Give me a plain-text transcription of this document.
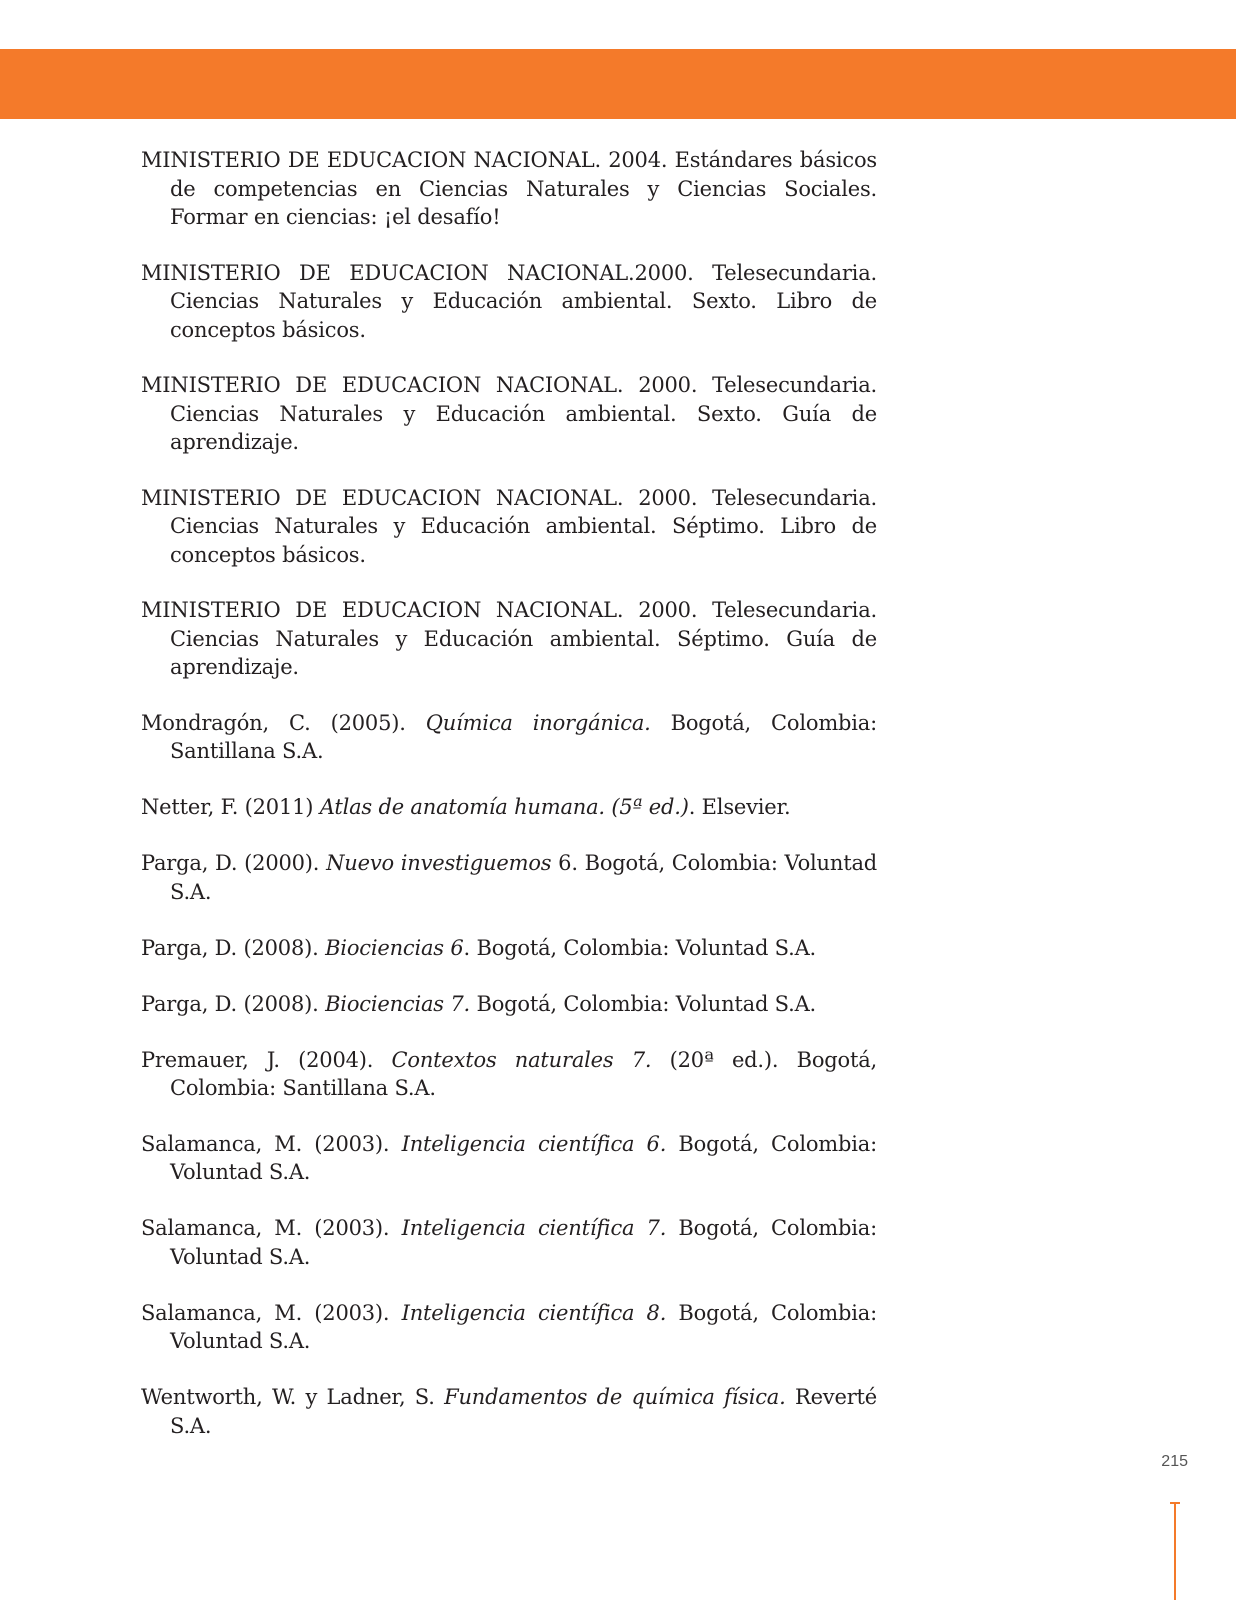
MINISTERIO DE EDUCACION NACIONAL. 2004. Estándares básicos de competencias en Ciencias Naturales y Ciencias Sociales. Formar en ciencias: ¡el desafío!

MINISTERIO DE EDUCACION NACIONAL.2000. Telesecundaria. Ciencias Naturales y Educación ambiental. Sexto. Libro de conceptos básicos.

MINISTERIO DE EDUCACION NACIONAL. 2000. Telesecundaria. Ciencias Naturales y Educación ambiental. Sexto. Guía de aprendizaje.

MINISTERIO DE EDUCACION NACIONAL. 2000. Telesecundaria. Ciencias Naturales y Educación ambiental. Séptimo. Libro de conceptos básicos.

MINISTERIO DE EDUCACION NACIONAL. 2000. Telesecundaria. Ciencias Naturales y Educación ambiental. Séptimo. Guía de aprendizaje.

Mondragón, C. (2005). Química inorgánica. Bogotá, Colombia: Santillana S.A.

Netter, F. (2011) Atlas de anatomía humana. (5ª ed.). Elsevier.

Parga, D. (2000). Nuevo investiguemos 6. Bogotá, Colombia: Voluntad S.A.

Parga, D. (2008). Biociencias 6. Bogotá, Colombia: Voluntad S.A.

Parga, D. (2008). Biociencias 7. Bogotá, Colombia: Voluntad S.A.

Premauer, J. (2004). Contextos naturales 7. (20ª ed.). Bogotá, Colombia: Santillana S.A.

Salamanca, M. (2003). Inteligencia científica 6. Bogotá, Colombia: Voluntad S.A.

Salamanca, M. (2003). Inteligencia científica 7. Bogotá, Colombia: Voluntad S.A.

Salamanca, M. (2003). Inteligencia científica 8. Bogotá, Colombia: Voluntad S.A.

Wentworth, W. y Ladner, S. Fundamentos de química física. Reverté S.A.

215
